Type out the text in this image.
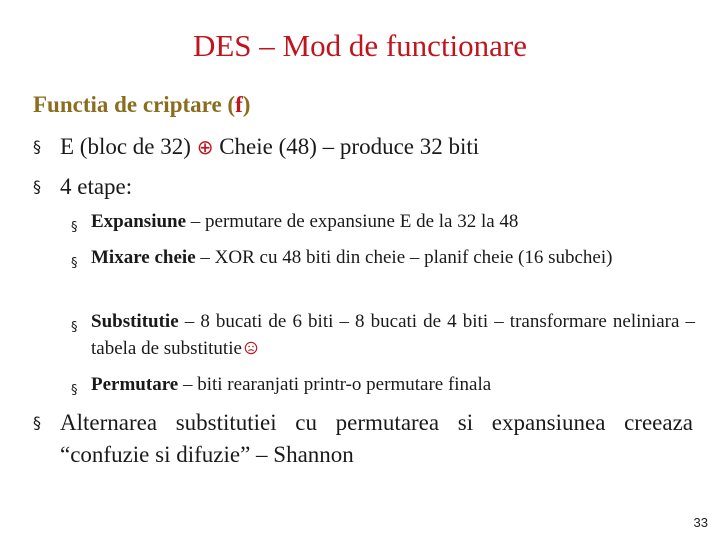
DES – Mod de functionare
Functia de criptare (f)
§ E (bloc de 32) ⊕ Cheie (48) – produce 32 biti
§ 4 etape:
§ Expansiune – permutare de expansiune E de la 32 la 48
§ Mixare cheie – XOR cu 48 biti din cheie – planif cheie (16 subchei)
§ Substitutie – 8 bucati de 6 biti – 8 bucati de 4 biti – transformare neliniara – tabela de substitutie
§ Permutare – biti rearanjati printr-o permutare finala
§ Alternarea substitutiei cu permutarea si expansiunea creeaza “confuzie si difuzie” – Shannon
33
